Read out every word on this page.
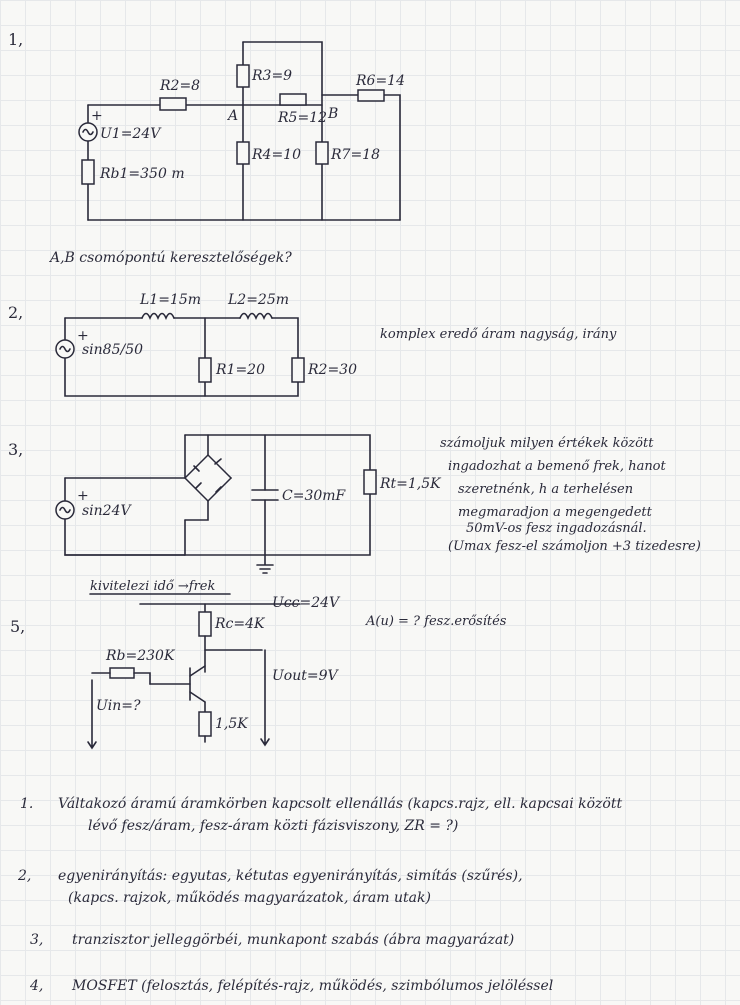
1,
R2=8
R3=9
R5=12
R6=14
R4=10 R7=18
+
U1=24V
Rb1=350 m
A	B
A,B csomópontú keresztelőségek?
2,
L1=15m L2=25m
+
sin85/50
R1=20	R2=30
komplex eredő áram nagyság, irány
3,
C=30mF
Rt=1,5K
+
sin24V
számoljuk milyen értékek között
ingadozhat a bemenő frek, hanot
szeretnénk, h a terhelésen
megmaradjon a megengedett
50mV-os fesz ingadozásnál.
(Umax fesz-el számoljon +3 tizedesre)
kivitelezi idő →frek
5,
Ucc=24V
Rc=4K
1,5K
Rb=230K
Uin=?
Uout=9V
A(u) = ? fesz.erősítés
1. Váltakozó áramú áramkörben kapcsolt ellenállás (kapcs.rajz, ell. kapcsai között
lévő fesz/áram, fesz-áram közti fázisviszony, ZR = ?)
2, egyenirányítás: egyutas, kétutas egyenirányítás, simítás (szűrés),
(kapcs. rajzok, működés magyarázatok, áram utak)
3, tranzisztor jelleggörbéi, munkapont szabás (ábra magyarázat)
4, MOSFET (felosztás, felépítés-rajz, működés, szimbólumos jelöléssel
